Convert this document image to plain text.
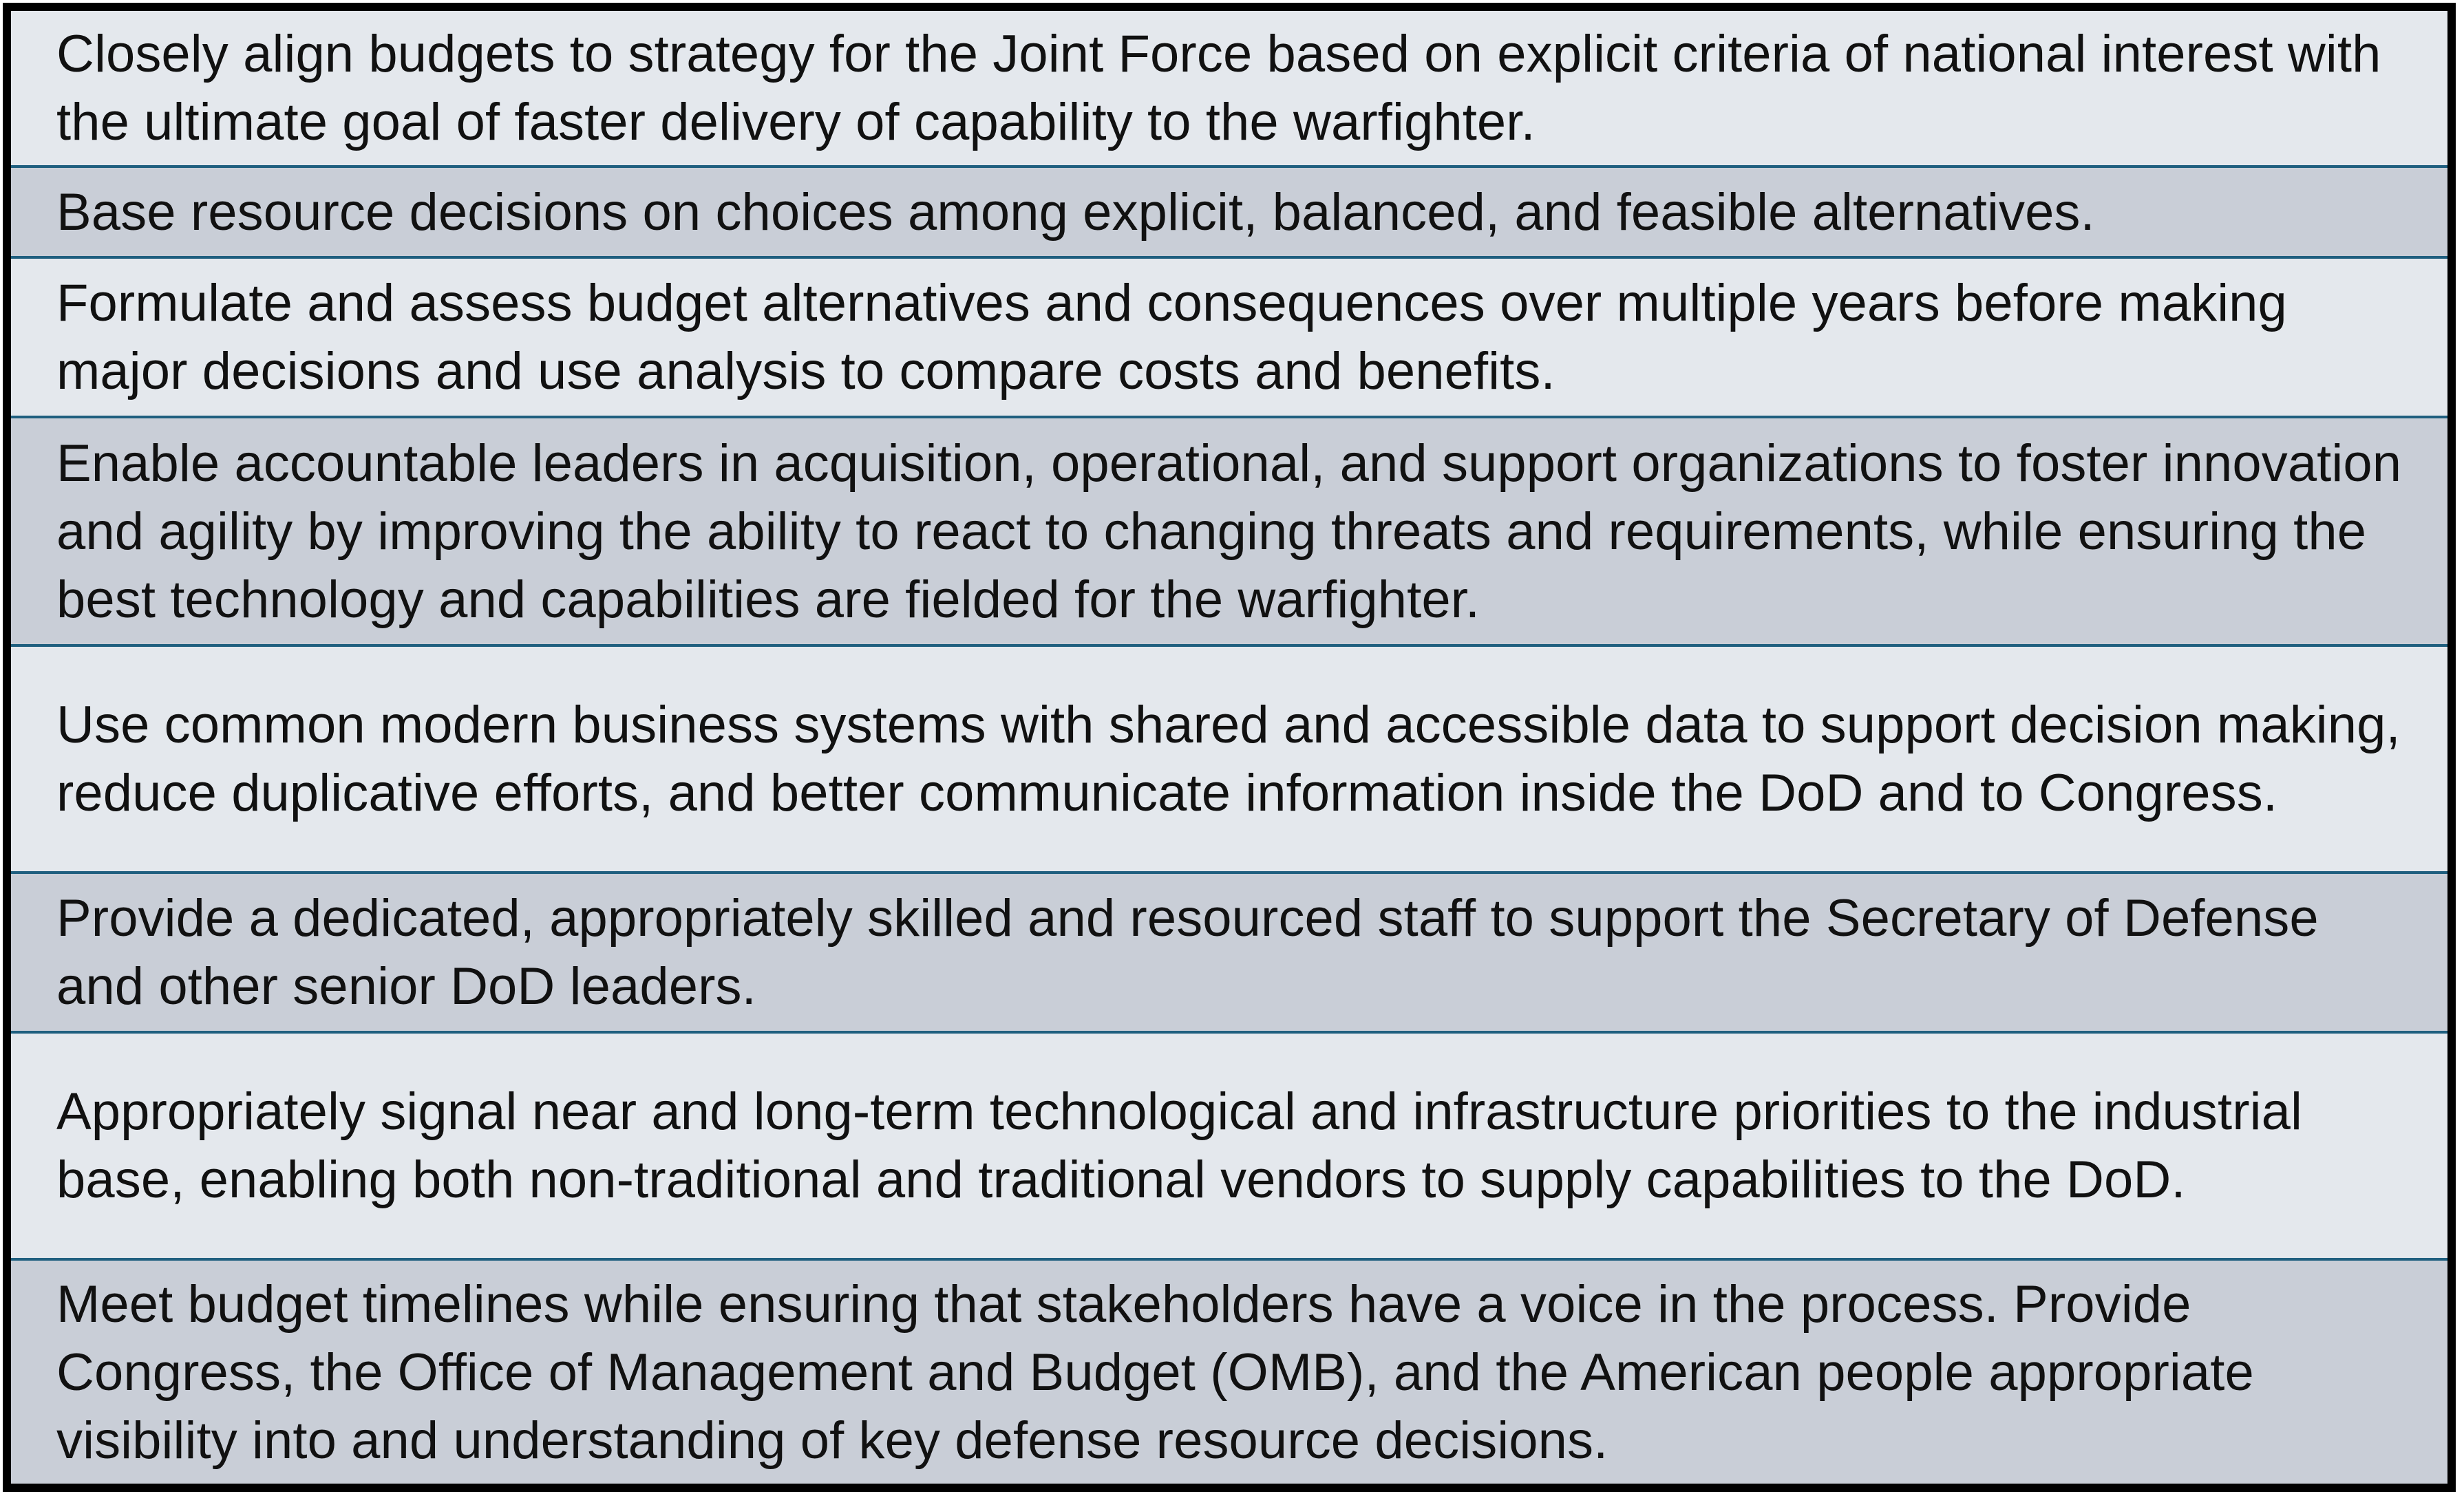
Closely align budgets to strategy for the Joint Force based on explicit criteria of national interest with the ultimate goal of faster delivery of capability to the warfighter.

Base resource decisions on choices among explicit, balanced, and feasible alternatives.

Formulate and assess budget alternatives and consequences over multiple years before making major decisions and use analysis to compare costs and benefits.

Enable accountable leaders in acquisition, operational, and support organizations to foster innovation and agility by improving the ability to react to changing threats and requirements, while ensuring the best technology and capabilities are fielded for the warfighter.

Use common modern business systems with shared and accessible data to support decision making, reduce duplicative efforts, and better communicate information inside the DoD and to Congress.

Provide a dedicated, appropriately skilled and resourced staff to support the Secretary of Defense and other senior DoD leaders.

Appropriately signal near and long-term technological and infrastructure priorities to the industrial base, enabling both non-traditional and traditional vendors to supply capabilities to the DoD.

Meet budget timelines while ensuring that stakeholders have a voice in the process. Provide Congress, the Office of Management and Budget (OMB), and the American people appropriate visibility into and understanding of key defense resource decisions.
